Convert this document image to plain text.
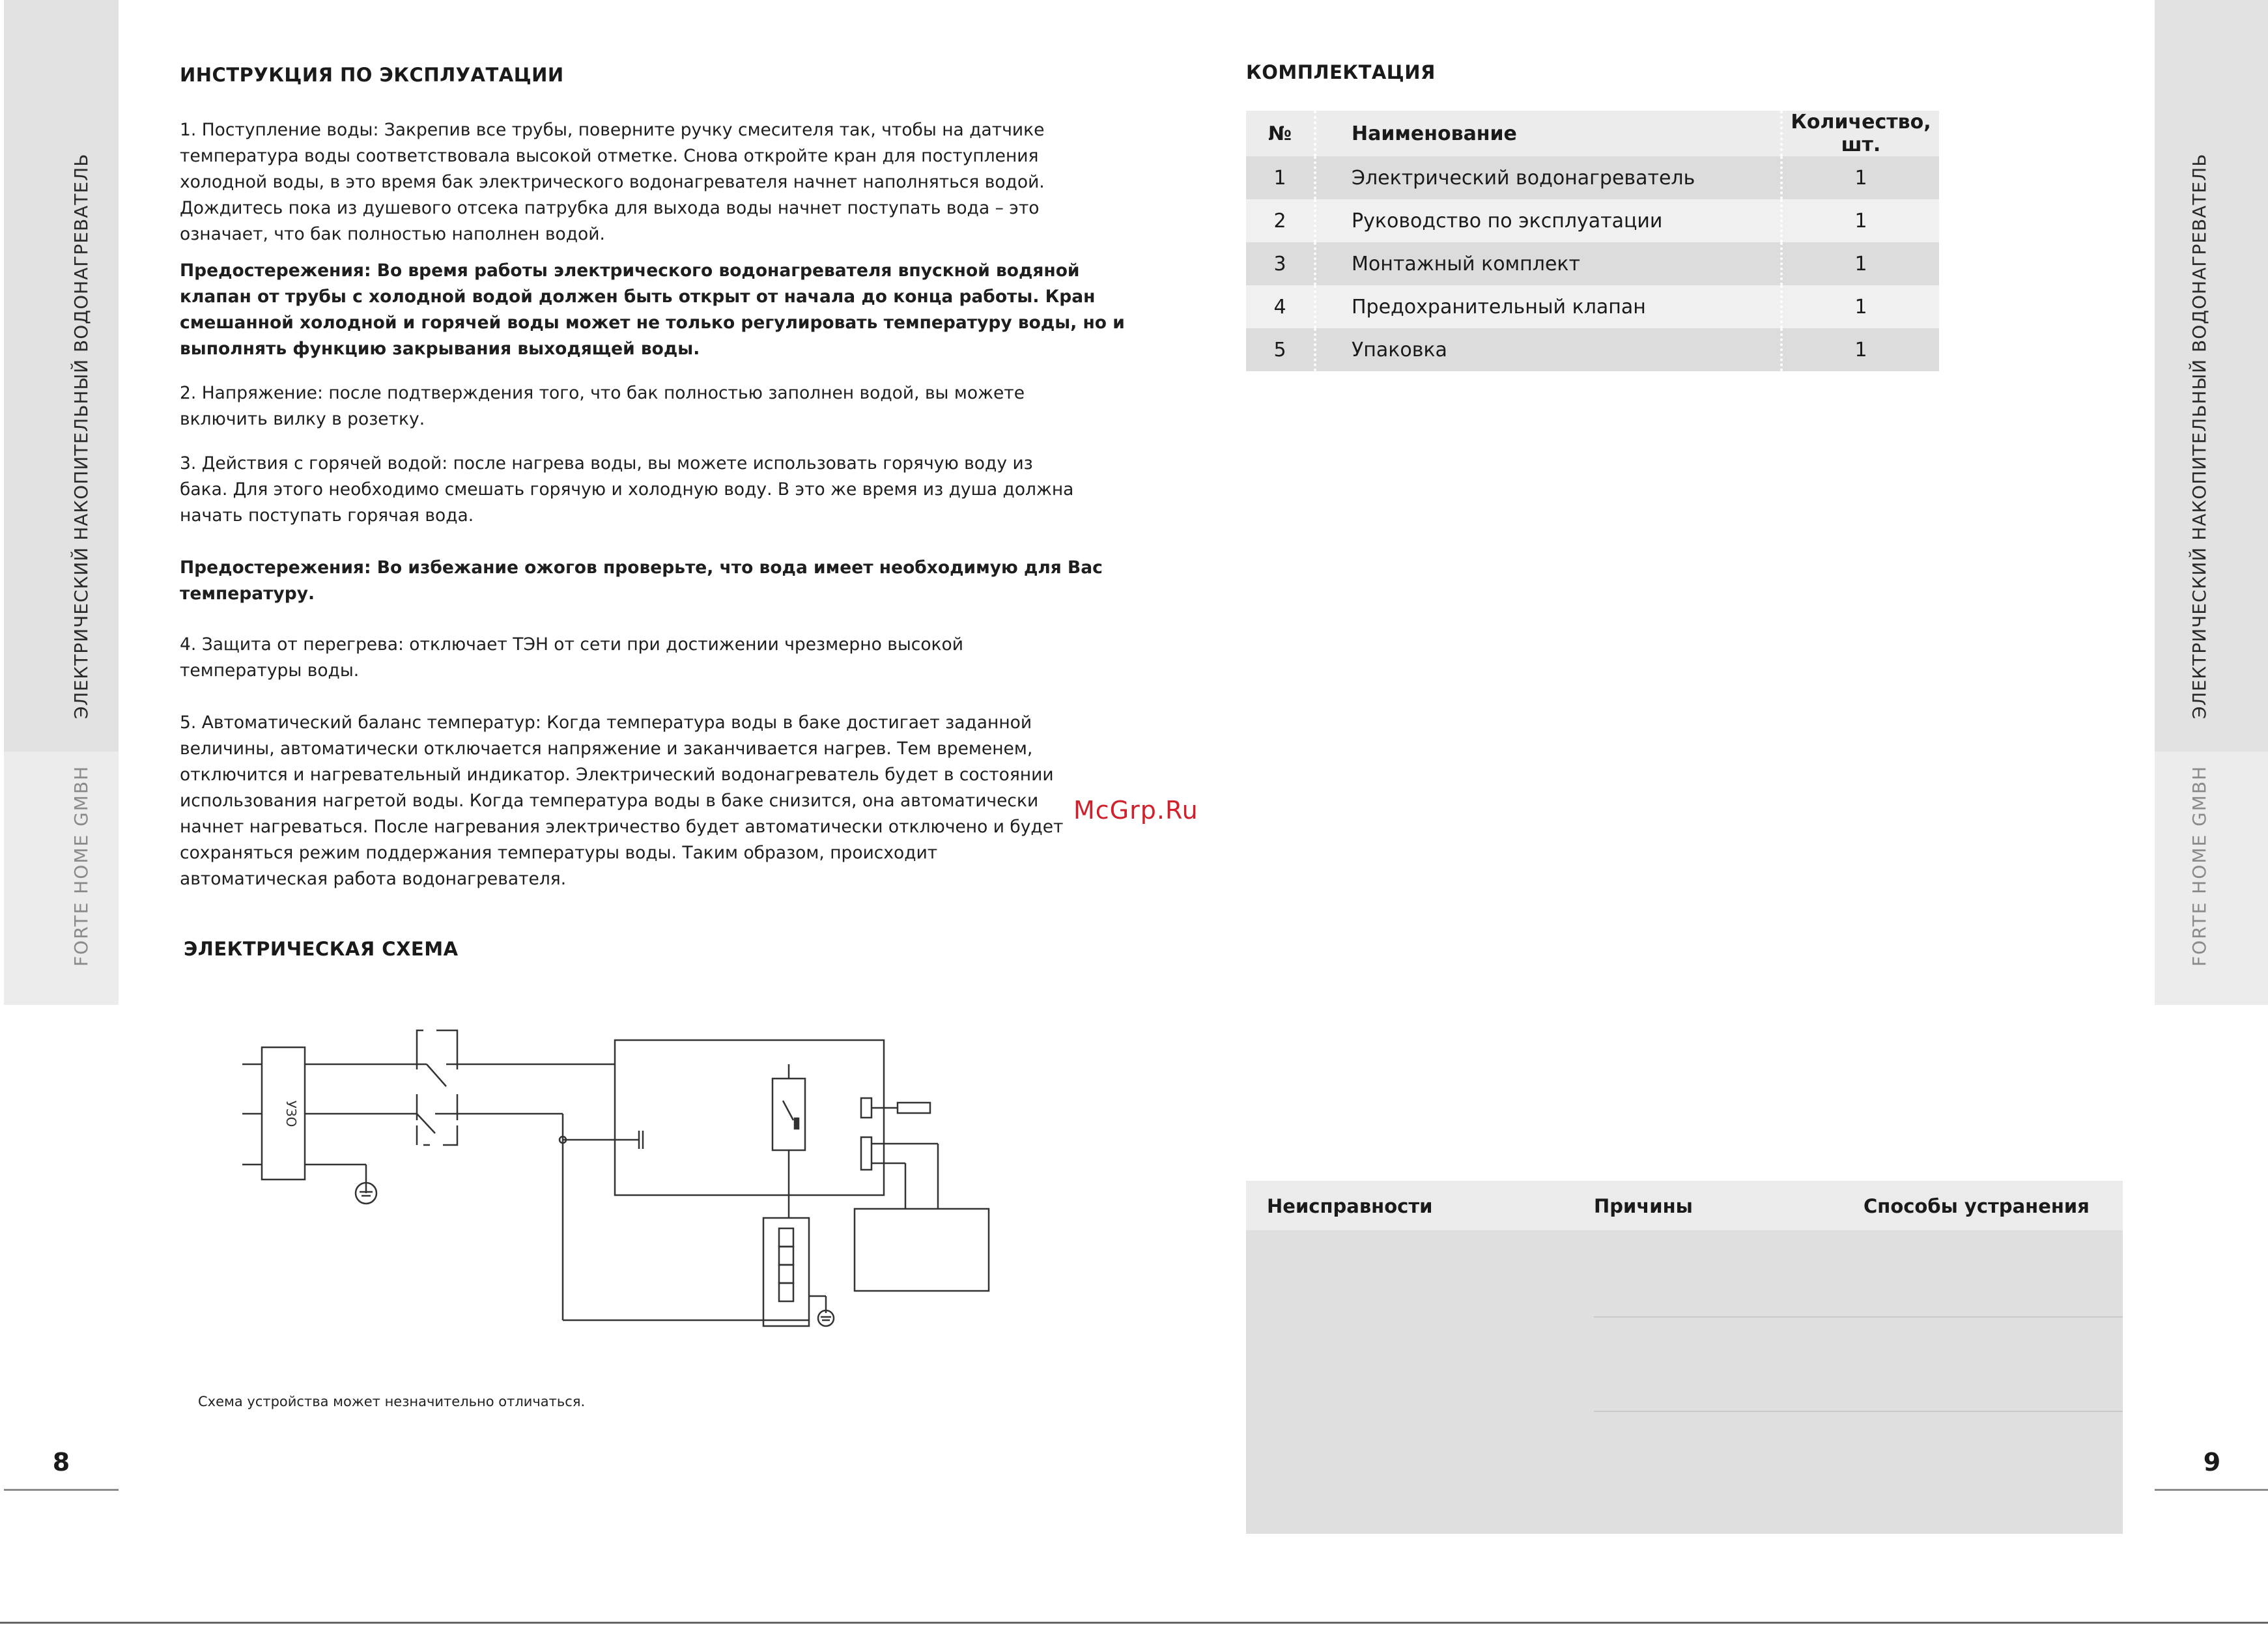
ЭЛЕКТРИЧЕСКИЙ НАКОПИТЕЛЬНЫЙ ВОДОНАГРЕВАТЕЛЬ
FORTE HOME GMBH
8
ЭЛЕКТРИЧЕСКИЙ НАКОПИТЕЛЬНЫЙ ВОДОНАГРЕВАТЕЛЬ
FORTE HOME GMBH
9
ИНСТРУКЦИЯ ПО ЭКСПЛУАТАЦИИ

1. Поступление воды: Закрепив все трубы, поверните ручку смесителя так, чтобы на датчике

температура воды соответствовала высокой отметке. Снова откройте кран для поступления

холодной воды, в это время бак электрического водонагревателя начнет наполняться водой.

Дождитесь пока из душевого отсека патрубка для выхода воды начнет поступать вода – это

означает, что бак полностью наполнен водой.

Предостережения: Во время работы электрического водонагревателя впускной водяной

клапан от трубы с холодной водой должен быть открыт от начала до конца работы. Кран

смешанной холодной и горячей воды может не только регулировать температуру воды, но и

выполнять функцию закрывания выходящей воды.

2. Напряжение: после подтверждения того, что бак полностью заполнен водой, вы можете

включить вилку в розетку.

3. Действия с горячей водой: после нагрева воды, вы можете использовать горячую воду из

бака. Для этого необходимо смешать горячую и холодную воду. В это же время из душа должна

начать поступать горячая вода.

Предостережения: Во избежание ожогов проверьте, что вода имеет необходимую для Вас

температуру.

4. Защита от перегрева: отключает ТЭН от сети при достижении чрезмерно высокой

температуры воды.

5. Автоматический баланс температур: Когда температура воды в баке достигает заданной

величины, автоматически отключается напряжение и заканчивается нагрев. Тем временем,

отключится и нагревательный индикатор. Электрический водонагреватель будет в состоянии

использования нагретой воды. Когда температура воды в баке снизится, она автоматически

начнет нагреваться. После нагревания электричество будет автоматически отключено и будет

сохраняться режим поддержания температуры воды. Таким образом, происходит

автоматическая работа водонагревателя.

ЭЛЕКТРИЧЕСКАЯ СХЕМА
УЗО
Схема устройства может незначительно отличаться.
McGrp.Ru
КОМПЛЕКТАЦИЯ
№	Наименование	Количество, шт.
1	Электрический водонагреватель	1
2	Руководство по эксплуатации	1
3	Монтажный комплект	1
4	Предохранительный клапан	1
5	Упаковка	1
Неисправности	Причины	Способы устранения
